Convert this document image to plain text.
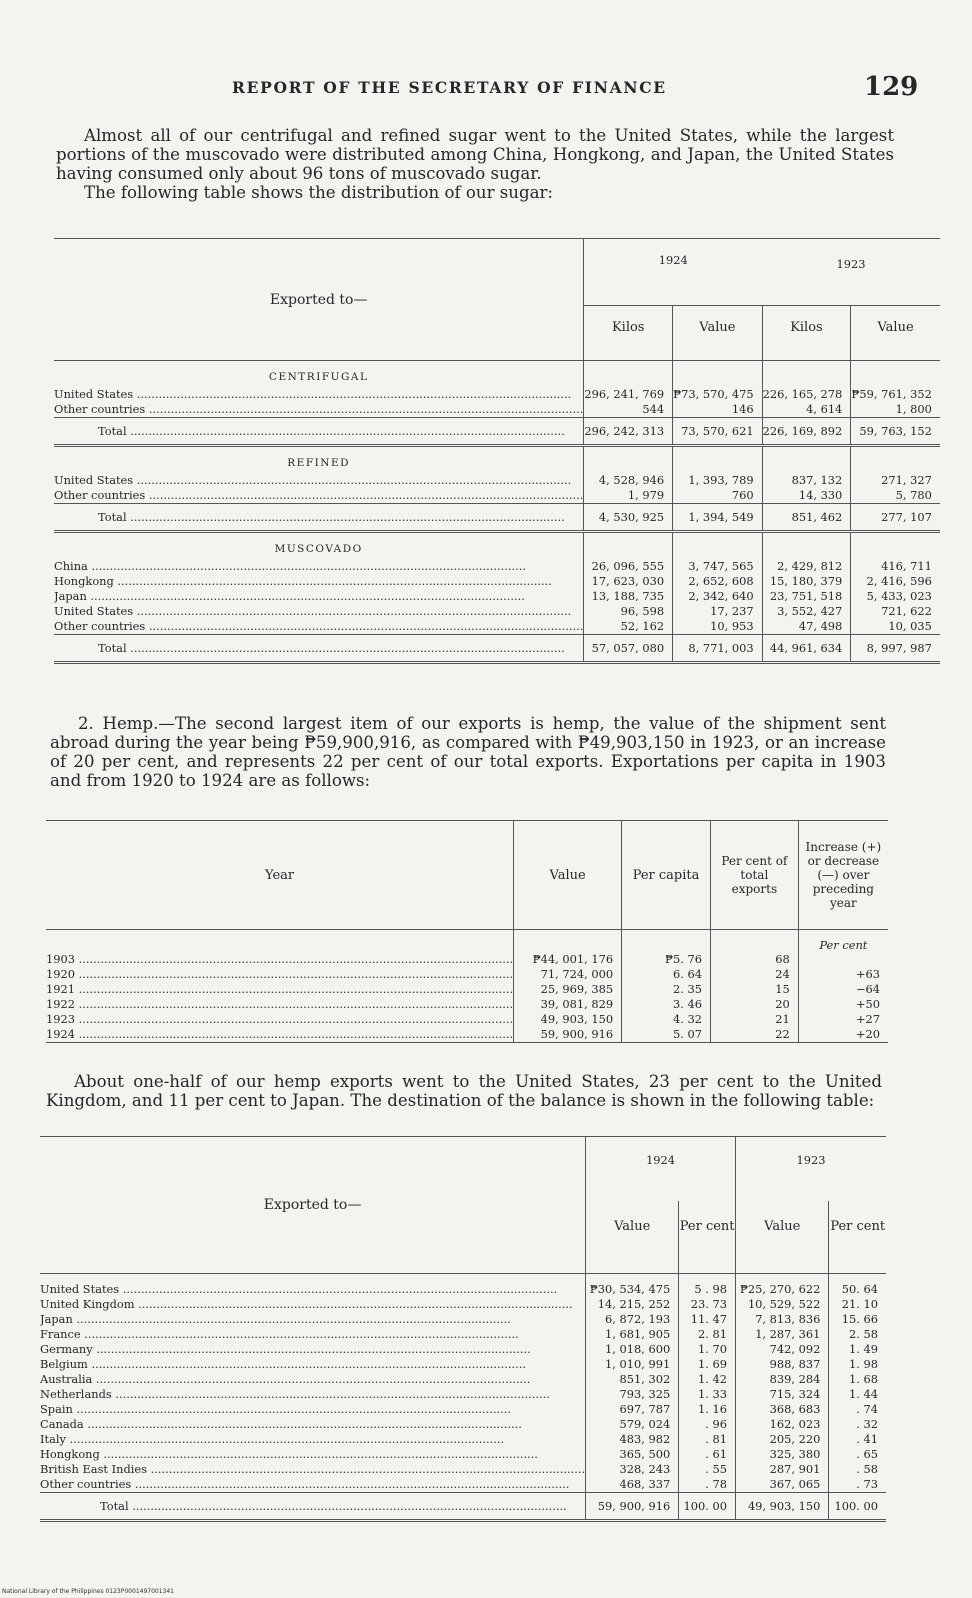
REPORT OF THE SECRETARY OF FINANCE	129

Almost all of our centrifugal and refined sugar went to the United States, while the largest portions of the muscovado were distributed among China, Hongkong, and Japan, the United States having consumed only about 96 tons of muscovado sugar.

The following table shows the distribution of our sugar:

Exported to—	1924		1923	
	Kilos	Value	Kilos	Value
CENTRIFUGAL				
United States ........................................................................................................................	296, 241, 769	₱73, 570, 475	226, 165, 278	₱59, 761, 352
Other countries ........................................................................................................................	544	146	4, 614	1, 800
Total ........................................................................................................................	296, 242, 313	73, 570, 621	226, 169, 892	59, 763, 152
REFINED				
United States ........................................................................................................................	4, 528, 946	1, 393, 789	837, 132	271, 327
Other countries ........................................................................................................................	1, 979	760	14, 330	5, 780
Total ........................................................................................................................	4, 530, 925	1, 394, 549	851, 462	277, 107
MUSCOVADO				
China ........................................................................................................................	26, 096, 555	3, 747, 565	2, 429, 812	416, 711
Hongkong ........................................................................................................................	17, 623, 030	2, 652, 608	15, 180, 379	2, 416, 596
Japan ........................................................................................................................	13, 188, 735	2, 342, 640	23, 751, 518	5, 433, 023
United States ........................................................................................................................	96, 598	17, 237	3, 552, 427	721, 622
Other countries ........................................................................................................................	52, 162	10, 953	47, 498	10, 035
Total ........................................................................................................................	57, 057, 080	8, 771, 003	44, 961, 634	8, 997, 987

2. Hemp.—The second largest item of our exports is hemp, the value of the shipment sent abroad during the year being ₱59,900,916, as compared with ₱49,903,150 in 1923, or an increase of 20 per cent, and represents 22 per cent of our total exports. Exportations per capita in 1903 and from 1920 to 1924 are as follows:

Year	Value	Per capita	Per cent of total exports	Increase (+) or decrease (—) over preceding year
				Per cent
1903 ........................................................................................................................	₱44, 001, 176	₱5. 76	68	
1920 ........................................................................................................................	71, 724, 000	6. 64	24	+63
1921 ........................................................................................................................	25, 969, 385	2. 35	15	−64
1922 ........................................................................................................................	39, 081, 829	3. 46	20	+50
1923 ........................................................................................................................	49, 903, 150	4. 32	21	+27
1924 ........................................................................................................................	59, 900, 916	5. 07	22	+20

About one-half of our hemp exports went to the United States, 23 per cent to the United Kingdom, and 11 per cent to Japan. The destination of the balance is shown in the following table:

Exported to—	1924		1923	
	Value	Per cent	Value	Per cent

United States ........................................................................................................................	₱30, 534, 475	5 . 98	₱25, 270, 622	50. 64
United Kingdom ........................................................................................................................	14, 215, 252	23. 73	10, 529, 522	21. 10
Japan ........................................................................................................................	6, 872, 193	11. 47	7, 813, 836	15. 66
France ........................................................................................................................	1, 681, 905	2. 81	1, 287, 361	2. 58
Germany ........................................................................................................................	1, 018, 600	1. 70	742, 092	1. 49
Belgium ........................................................................................................................	1, 010, 991	1. 69	988, 837	1. 98
Australia ........................................................................................................................	851, 302	1. 42	839, 284	1. 68
Netherlands ........................................................................................................................	793, 325	1. 33	715, 324	1. 44
Spain ........................................................................................................................	697, 787	1. 16	368, 683	. 74
Canada ........................................................................................................................	579, 024	. 96	162, 023	. 32
Italy ........................................................................................................................	483, 982	. 81	205, 220	. 41
Hongkong ........................................................................................................................	365, 500	. 61	325, 380	. 65
British East Indies ........................................................................................................................	328, 243	. 55	287, 901	. 58
Other countries ........................................................................................................................	468, 337	. 78	367, 065	. 73
Total ........................................................................................................................	59, 900, 916	100. 00	49, 903, 150	100. 00
National Library of the Philippines 0123P0001497001341
